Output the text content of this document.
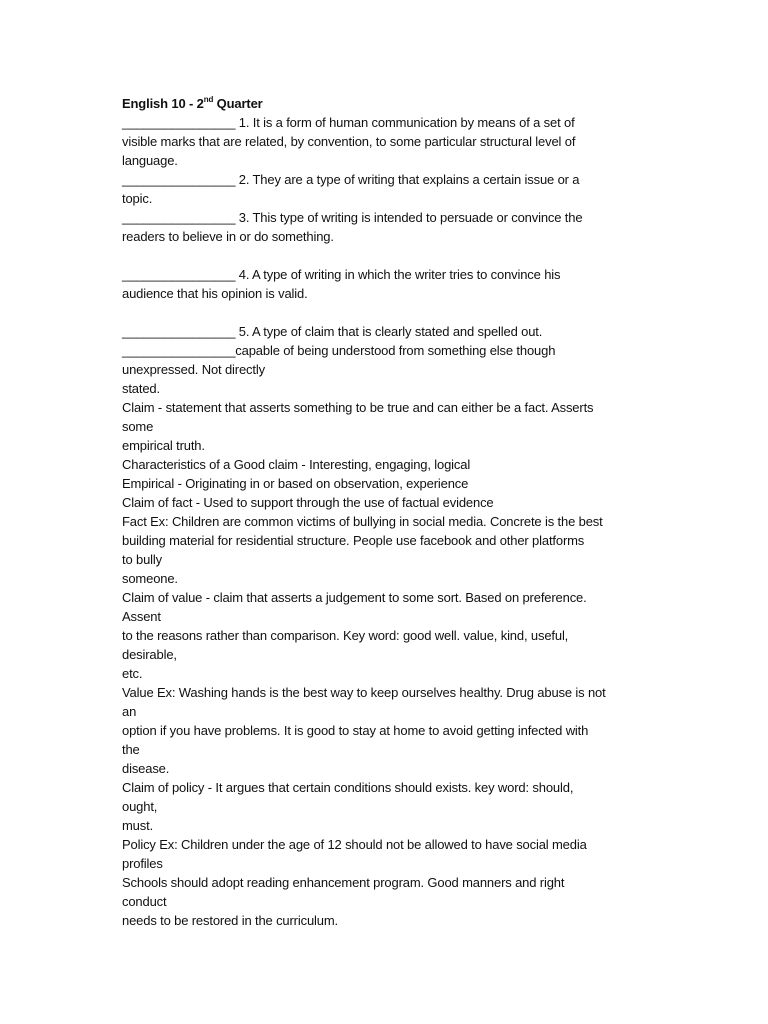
English 10 - 2nd Quarter
________________ 1. It is a form of human communication by means of a set of
visible marks that are related, by convention, to some particular structural level of
language.
________________ 2. They are a type of writing that explains a certain issue or a
topic.
________________ 3. This type of writing is intended to persuade or convince the
readers to believe in or do something.

________________ 4. A type of writing in which the writer tries to convince his
audience that his opinion is valid.

________________ 5. A type of claim that is clearly stated and spelled out.
________________capable of being understood from something else though
unexpressed. Not directly
stated.
Claim - statement that asserts something to be true and can either be a fact. Asserts
some
empirical truth.
Characteristics of a Good claim - Interesting, engaging, logical
Empirical - Originating in or based on observation, experience
Claim of fact - Used to support through the use of factual evidence
Fact Ex: Children are common victims of bullying in social media. Concrete is the best
building material for residential structure. People use facebook and other platforms
to bully
someone.
Claim of value - claim that asserts a judgement to some sort. Based on preference.
Assent
to the reasons rather than comparison. Key word: good well. value, kind, useful,
desirable,
etc.
Value Ex: Washing hands is the best way to keep ourselves healthy. Drug abuse is not
an
option if you have problems. It is good to stay at home to avoid getting infected with
the
disease.
Claim of policy - It argues that certain conditions should exists. key word: should,
ought,
must.
Policy Ex: Children under the age of 12 should not be allowed to have social media
profiles
Schools should adopt reading enhancement program. Good manners and right
conduct
needs to be restored in the curriculum.
